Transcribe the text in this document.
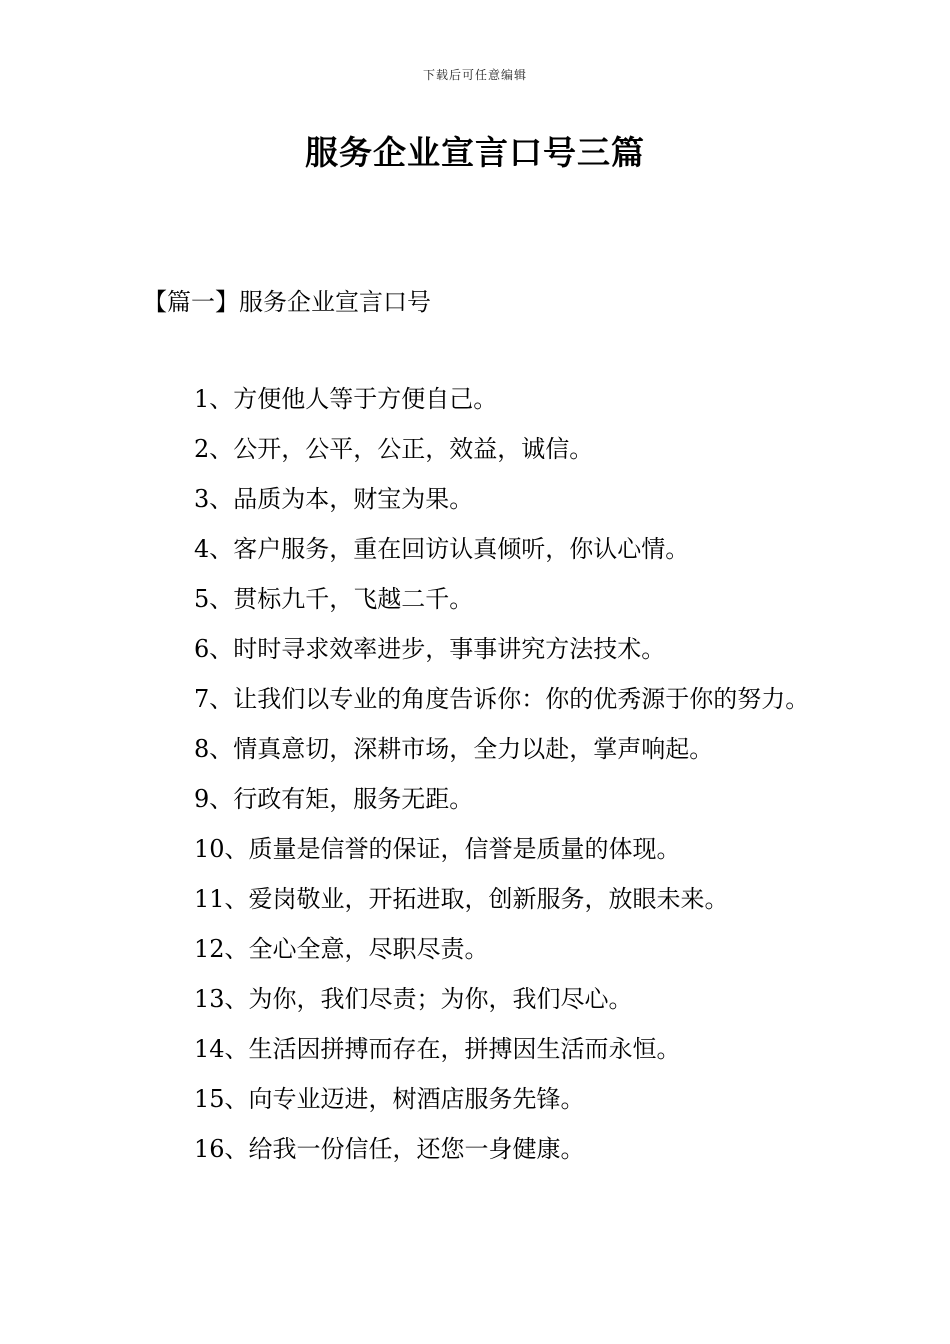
下载后可任意编辑
服务企业宣言口号三篇
【篇一】服务企业宣言口号
1、方便他人等于方便自己。
2、公开，公平，公正，效益，诚信。
3、品质为本，财宝为果。
4、客户服务，重在回访认真倾听，你认心情。
5、贯标九千，飞越二千。
6、时时寻求效率进步，事事讲究方法技术。
7、让我们以专业的角度告诉你：你的优秀源于你的努力。
8、情真意切，深耕市场，全力以赴，掌声响起。
9、行政有矩，服务无距。
10、质量是信誉的保证，信誉是质量的体现。
11、爱岗敬业，开拓进取，创新服务，放眼未来。
12、全心全意，尽职尽责。
13、为你，我们尽责；为你，我们尽心。
14、生活因拼搏而存在，拼搏因生活而永恒。
15、向专业迈进，树酒店服务先锋。
16、给我一份信任，还您一身健康。
